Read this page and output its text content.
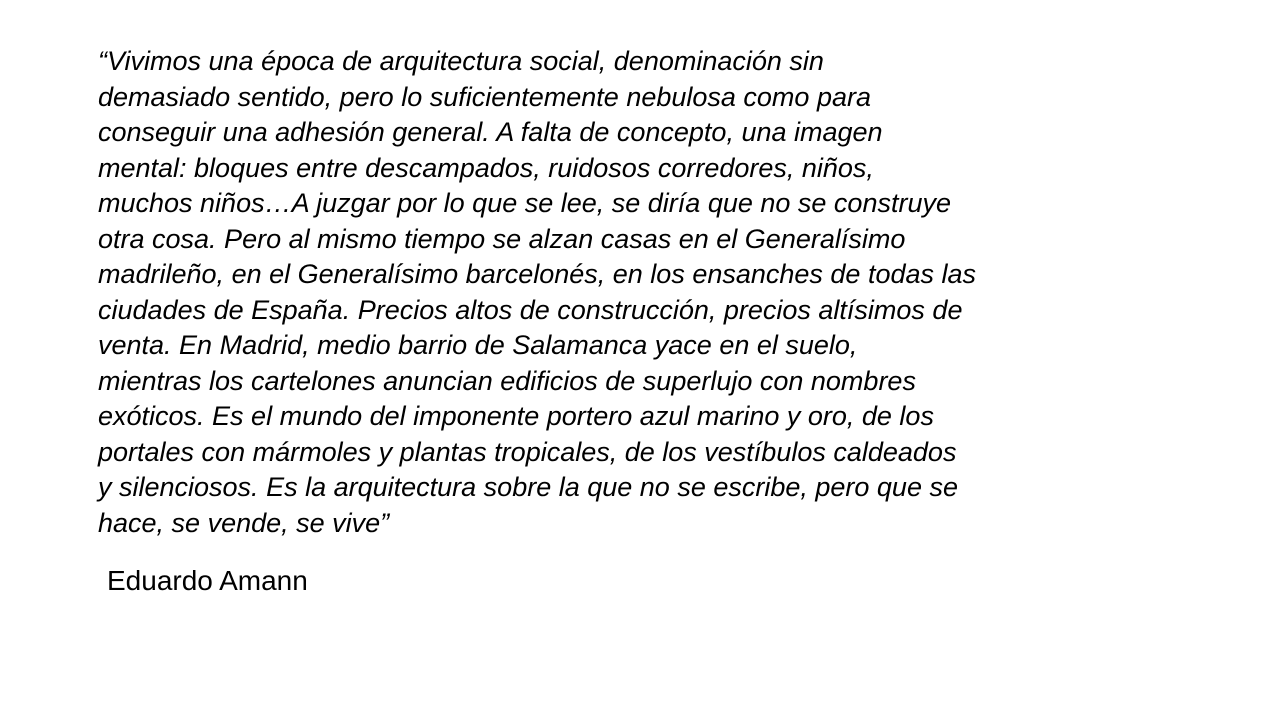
“Vivimos una época de arquitectura social, denominación sin
demasiado sentido, pero lo suficientemente nebulosa como para
conseguir una adhesión general. A falta de concepto, una imagen
mental: bloques entre descampados, ruidosos corredores, niños,
muchos niños…A juzgar por lo que se lee, se diría que no se construye
otra cosa. Pero al mismo tiempo se alzan casas en el Generalísimo
madrileño, en el Generalísimo barcelonés, en los ensanches de todas las
ciudades de España. Precios altos de construcción, precios altísimos de
venta. En Madrid, medio barrio de Salamanca yace en el suelo,
mientras los cartelones anuncian edificios de superlujo con nombres
exóticos. Es el mundo del imponente portero azul marino y oro, de los
portales con mármoles y plantas tropicales, de los vestíbulos caldeados
y silenciosos. Es la arquitectura sobre la que no se escribe, pero que se
hace, se vende, se vive”
Eduardo Amann
